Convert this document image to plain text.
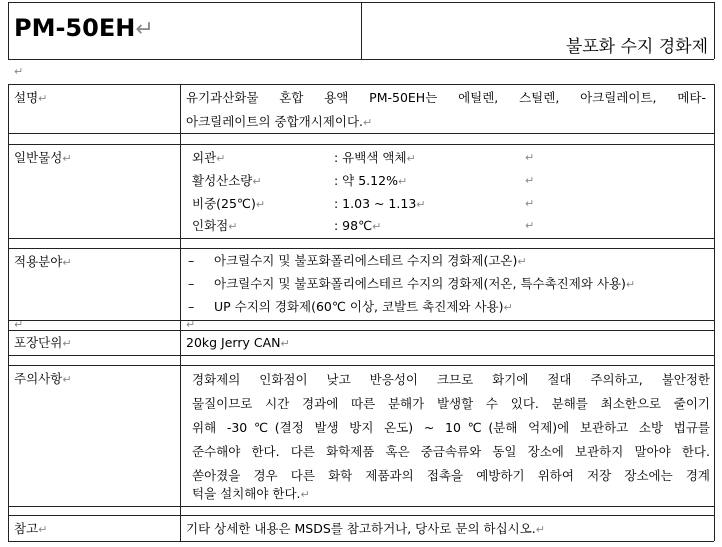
PM-50EH↵
불포화 수지 경화제
↵
설명↵	유기과산화물 혼합 용액 PM-50EH는 에틸렌, 스틸렌, 아크릴레이트, 메타-
아크릴레이트의 중합개시제이다.↵
일반물성↵	외관↵	: 유백색 액체↵	↵
활성산소량↵	: 약 5.12%↵	↵
비중(25℃)↵	: 1.03 ~ 1.13↵	↵
인화점↵	: 98℃↵	↵
적용분야↵	– 아크릴수지 및 불포화폴리에스테르 수지의 경화제(고온)↵
– 아크릴수지 및 불포화폴리에스테르 수지의 경화제(저온, 특수촉진제와 사용)↵
– UP 수지의 경화제(60℃ 이상, 코발트 촉진제와 사용)↵
↵	↵
포장단위↵	20kg Jerry CAN↵
주의사항↵	경화제의 인화점이 낮고 반응성이 크므로 화기에 절대 주의하고, 불안정한
물질이므로 시간 경과에 따른 분해가 발생할 수 있다. 분해를 최소한으로 줄이기
위해 -30℃(결정 발생 방지 온도) ~ 10℃(분해 억제)에 보관하고 소방 법규를
준수해야 한다. 다른 화학제품 혹은 중금속류와 동일 장소에 보관하지 말아야 한다.
쏟아졌을 경우 다른 화학 제품과의 접촉을 예방하기 위하여 저장 장소에는 경계
턱을 설치해야 한다.↵
참고↵	기타 상세한 내용은 MSDS를 참고하거나, 당사로 문의 하십시오.↵
